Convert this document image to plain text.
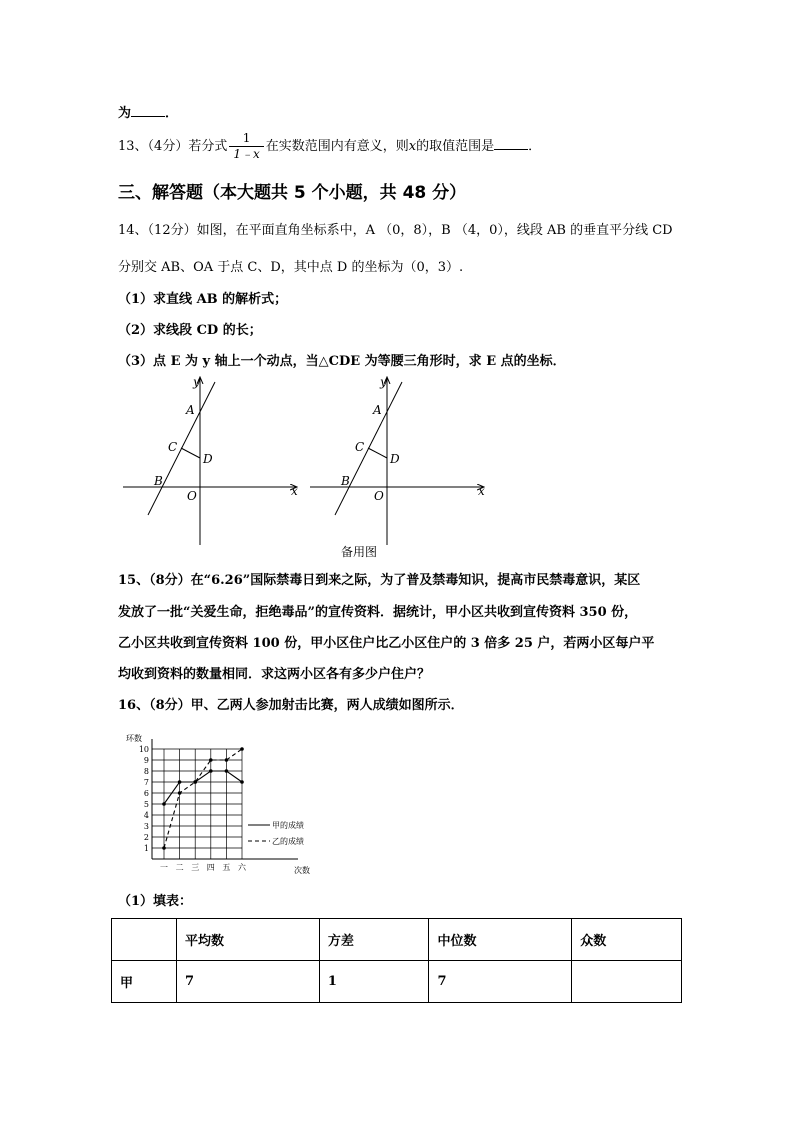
为	．
13、（4分）若分式 $\frac{1}{1﹣x}$ 在实数范围内有意义，则x的取值范围是	．
三、解答题（本大题共 5 个小题，共 48 分）
14、（12分）如图，在平面直角坐标系中，A （0，8），B （4，0），线段 AB 的垂直平分线 CD
分别交 AB、OA 于点 C、D，其中点 D 的坐标为（0，3）.
（1）求直线 AB 的解析式；
（2）求线段 CD 的长；
（3）点 E 为 y 轴上一个动点，当△CDE 为等腰三角形时，求 E 点的坐标．
y
A
C
D
B
O	x
y
A
C
D
B
O	x
备用图
15、（8分）在“6.26”国际禁毒日到来之际，为了普及禁毒知识，提高市民禁毒意识，某区
发放了一批“关爱生命，拒绝毒品”的宣传资料．据统计，甲小区共收到宣传资料 350 份，
乙小区共收到宣传资料 100 份，甲小区住户比乙小区住户的 3 倍多 25 户，若两小区每户平
均收到资料的数量相同．求这两小区各有多少户住户？
16、（8分）甲、乙两人参加射击比赛，两人成绩如图所示．
环数
次数
1
2
3
4
5
6
7
8
9
10
一 二 三 四 五 六
甲的成绩
乙的成绩
（1）填表：
	平均数	方差	中位数	众数
甲	7	1	7	
